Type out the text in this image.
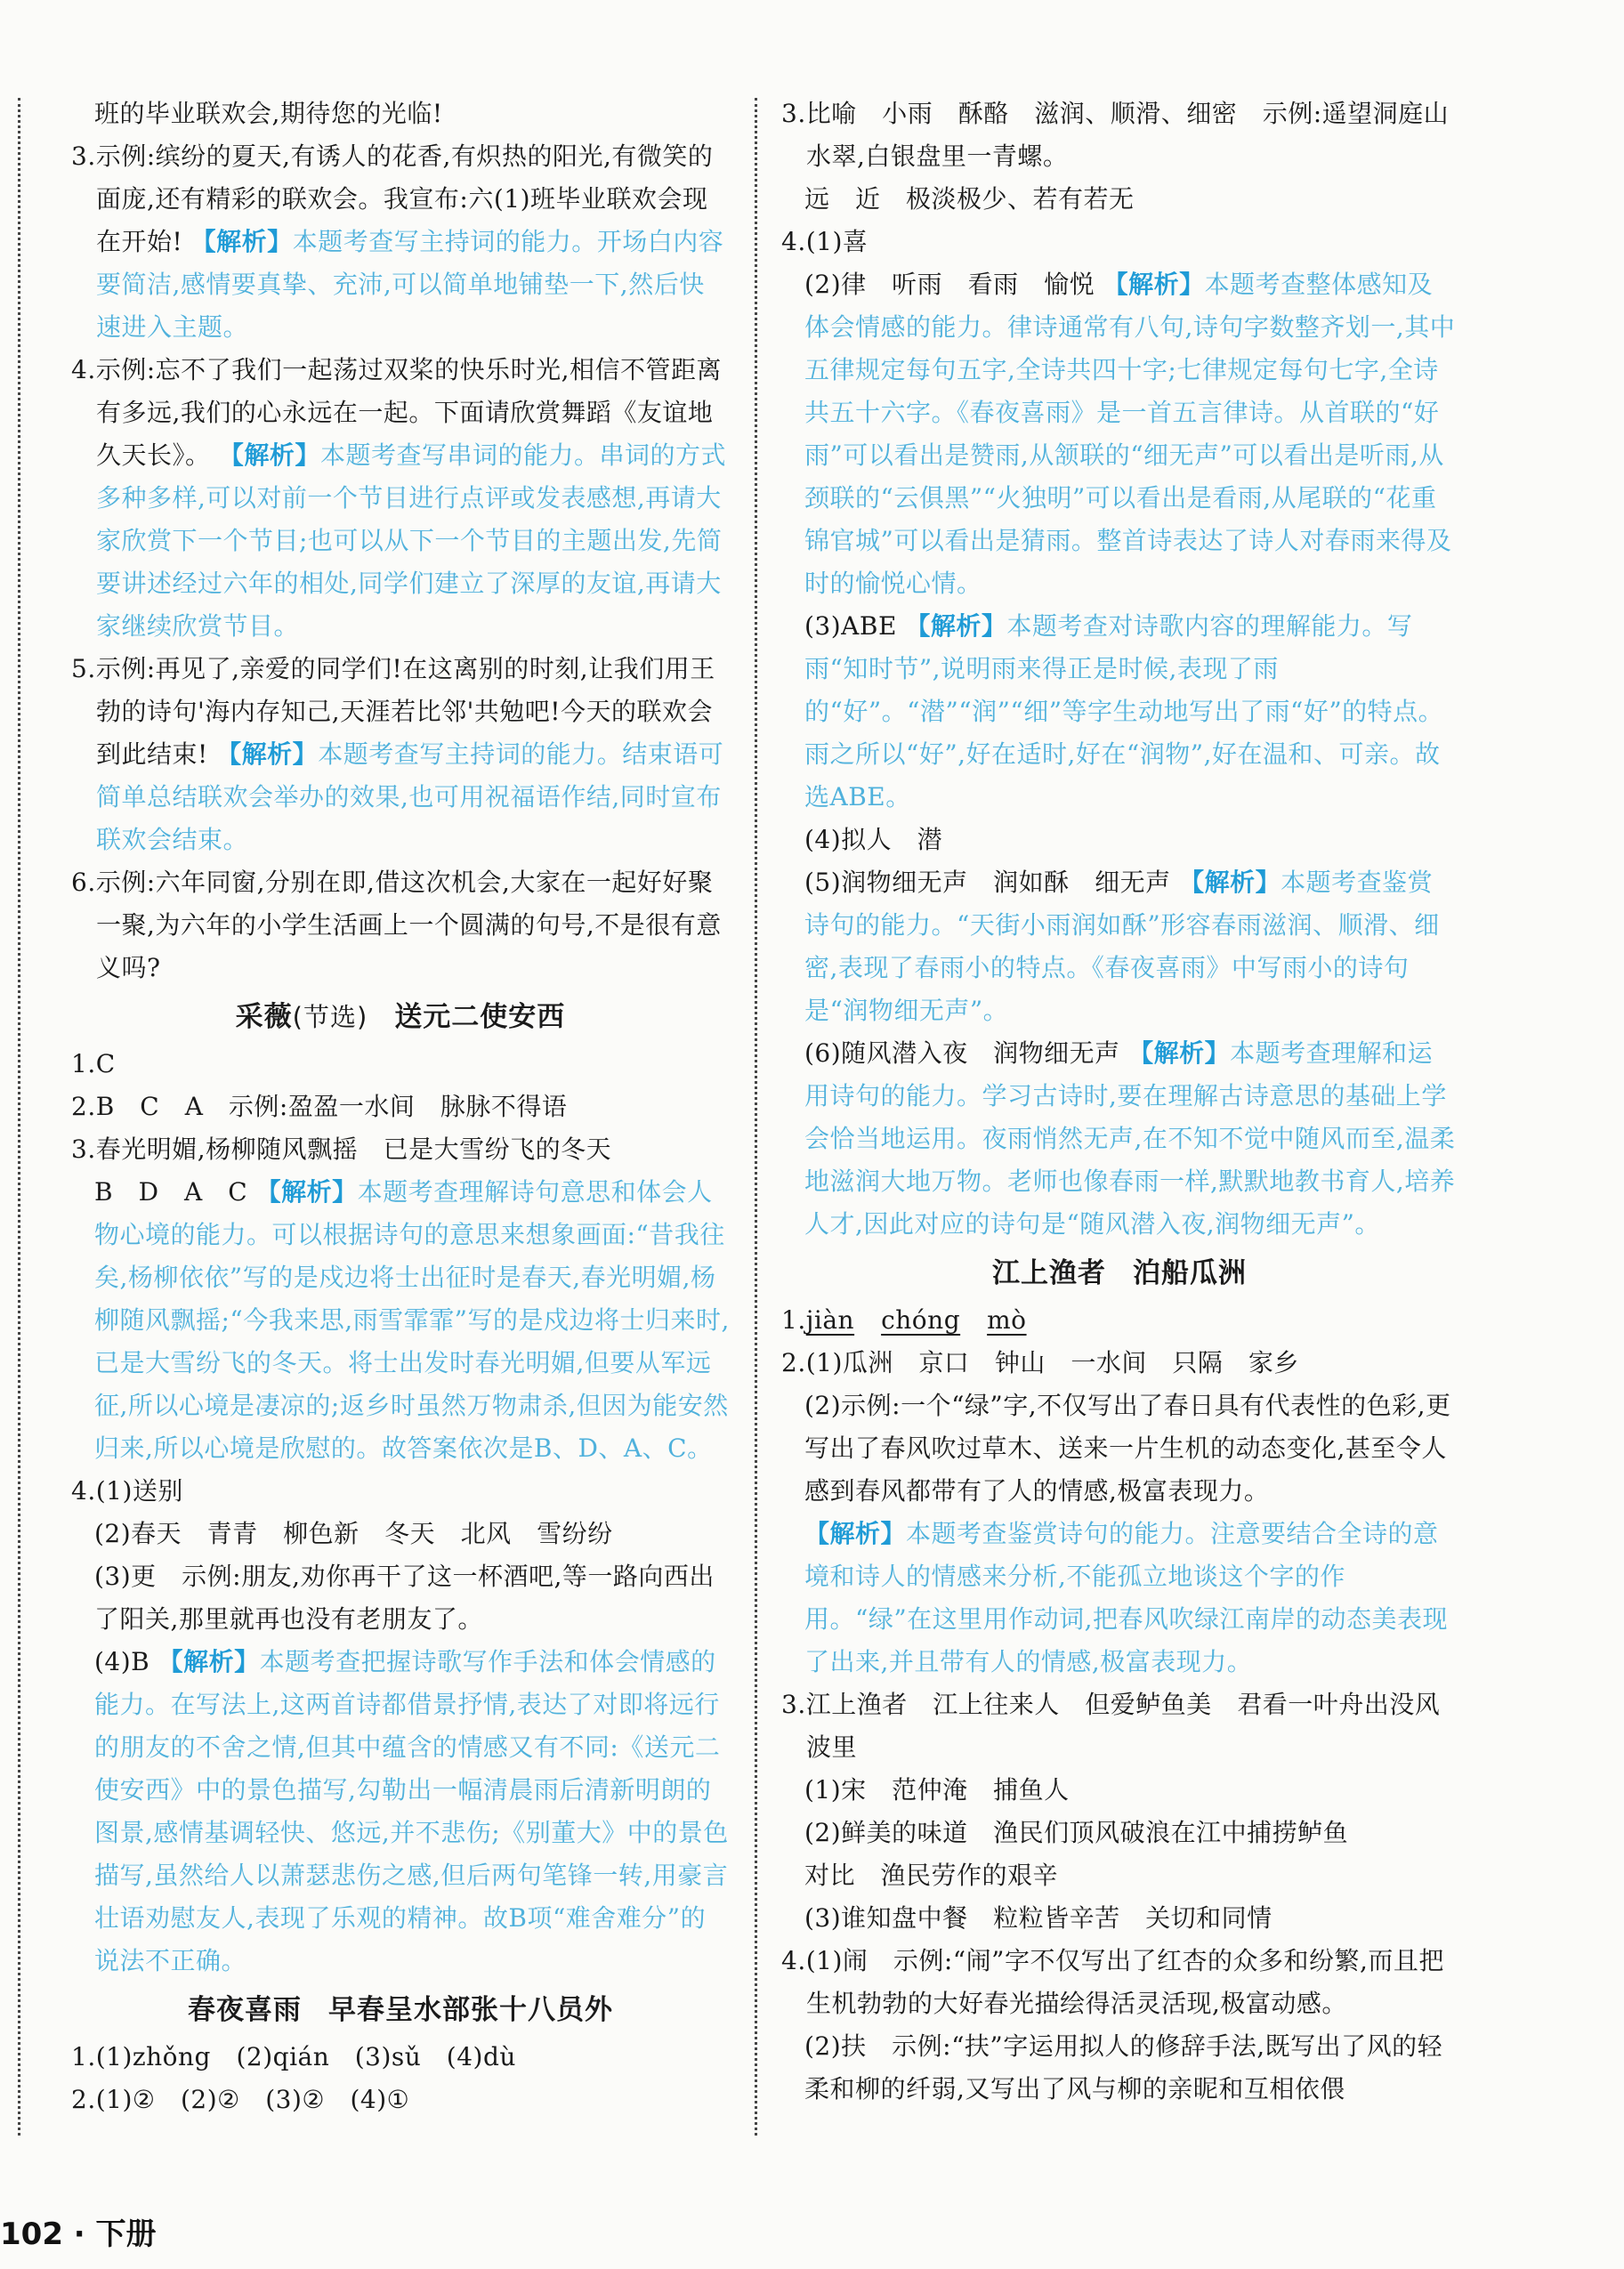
班的毕业联欢会,期待您的光临!

3.示例:缤纷的夏天,有诱人的花香,有炽热的阳光,有微笑的面庞,还有精彩的联欢会。我宣布:六(1)班毕业联欢会现在开始! 【解析】本题考查写主持词的能力。开场白内容要简洁,感情要真挚、充沛,可以简单地铺垫一下,然后快速进入主题。

4.示例:忘不了我们一起荡过双桨的快乐时光,相信不管距离有多远,我们的心永远在一起。下面请欣赏舞蹈《友谊地久天长》。 【解析】本题考查写串词的能力。串词的方式多种多样,可以对前一个节目进行点评或发表感想,再请大家欣赏下一个节目;也可以从下一个节目的主题出发,先简要讲述经过六年的相处,同学们建立了深厚的友谊,再请大家继续欣赏节目。

5.示例:再见了,亲爱的同学们!在这离别的时刻,让我们用王勃的诗句'海内存知己,天涯若比邻'共勉吧!今天的联欢会到此结束! 【解析】本题考查写主持词的能力。结束语可简单总结联欢会举办的效果,也可用祝福语作结,同时宣布联欢会结束。

6.示例:六年同窗,分别在即,借这次机会,大家在一起好好聚一聚,为六年的小学生活画上一个圆满的句号,不是很有意义吗?

采薇(节选) 送元二使安西

1.C

2.B　C　A　示例:盈盈一水间　脉脉不得语

3.春光明媚,杨柳随风飘摇　已是大雪纷飞的冬天

B　D　A　C 【解析】本题考查理解诗句意思和体会人物心境的能力。可以根据诗句的意思来想象画面:“昔我往矣,杨柳依依”写的是戍边将士出征时是春天,春光明媚,杨柳随风飘摇;“今我来思,雨雪霏霏”写的是戍边将士归来时,已是大雪纷飞的冬天。将士出发时春光明媚,但要从军远征,所以心境是凄凉的;返乡时虽然万物肃杀,但因为能安然归来,所以心境是欣慰的。故答案依次是B、D、A、C。

4.(1)送别

(2)春天　青青　柳色新　冬天　北风　雪纷纷

(3)更　示例:朋友,劝你再干了这一杯酒吧,等一路向西出了阳关,那里就再也没有老朋友了。

(4)B 【解析】本题考查把握诗歌写作手法和体会情感的能力。在写法上,这两首诗都借景抒情,表达了对即将远行的朋友的不舍之情,但其中蕴含的情感又有不同:《送元二使安西》中的景色描写,勾勒出一幅清晨雨后清新明朗的图景,感情基调轻快、悠远,并不悲伤;《别董大》中的景色描写,虽然给人以萧瑟悲伤之感,但后两句笔锋一转,用豪言壮语劝慰友人,表现了乐观的精神。故B项“难舍难分”的说法不正确。

春夜喜雨 早春呈水部张十八员外

1.(1)zhǒng　(2)qián　(3)sǔ　(4)dù

2.(1)②　(2)②　(3)②　(4)①

3.比喻　小雨　酥酪　滋润、顺滑、细密　示例:遥望洞庭山水翠,白银盘里一青螺。

远　近　极淡极少、若有若无

4.(1)喜

(2)律　听雨　看雨　愉悦 【解析】本题考查整体感知及体会情感的能力。律诗通常有八句,诗句字数整齐划一,其中五律规定每句五字,全诗共四十字;七律规定每句七字,全诗共五十六字。《春夜喜雨》是一首五言律诗。从首联的“好雨”可以看出是赞雨,从颔联的“细无声”可以看出是听雨,从颈联的“云俱黑”“火独明”可以看出是看雨,从尾联的“花重锦官城”可以看出是猜雨。整首诗表达了诗人对春雨来得及时的愉悦心情。

(3)ABE 【解析】本题考查对诗歌内容的理解能力。写雨“知时节”,说明雨来得正是时候,表现了雨的“好”。“潜”“润”“细”等字生动地写出了雨“好”的特点。雨之所以“好”,好在适时,好在“润物”,好在温和、可亲。故选ABE。

(4)拟人　潜

(5)润物细无声　润如酥　细无声 【解析】本题考查鉴赏诗句的能力。“天街小雨润如酥”形容春雨滋润、顺滑、细密,表现了春雨小的特点。《春夜喜雨》中写雨小的诗句是“润物细无声”。

(6)随风潜入夜　润物细无声 【解析】本题考查理解和运用诗句的能力。学习古诗时,要在理解古诗意思的基础上学会恰当地运用。夜雨悄然无声,在不知不觉中随风而至,温柔地滋润大地万物。老师也像春雨一样,默默地教书育人,培养人才,因此对应的诗句是“随风潜入夜,润物细无声”。

江上渔者 泊船瓜洲

1.jiàn chóng mò

2.(1)瓜洲　京口　钟山　一水间　只隔　家乡

(2)示例:一个“绿”字,不仅写出了春日具有代表性的色彩,更写出了春风吹过草木、送来一片生机的动态变化,甚至令人感到春风都带有了人的情感,极富表现力。

【解析】本题考查鉴赏诗句的能力。注意要结合全诗的意境和诗人的情感来分析,不能孤立地谈这个字的作用。“绿”在这里用作动词,把春风吹绿江南岸的动态美表现了出来,并且带有人的情感,极富表现力。

3.江上渔者　江上往来人　但爱鲈鱼美　君看一叶舟出没风波里

(1)宋　范仲淹　捕鱼人

(2)鲜美的味道　渔民们顶风破浪在江中捕捞鲈鱼

对比　渔民劳作的艰辛

(3)谁知盘中餐　粒粒皆辛苦　关切和同情

4.(1)闹　示例:“闹”字不仅写出了红杏的众多和纷繁,而且把生机勃勃的大好春光描绘得活灵活现,极富动感。

(2)扶　示例:“扶”字运用拟人的修辞手法,既写出了风的轻柔和柳的纤弱,又写出了风与柳的亲昵和互相依偎

102 · 下册
